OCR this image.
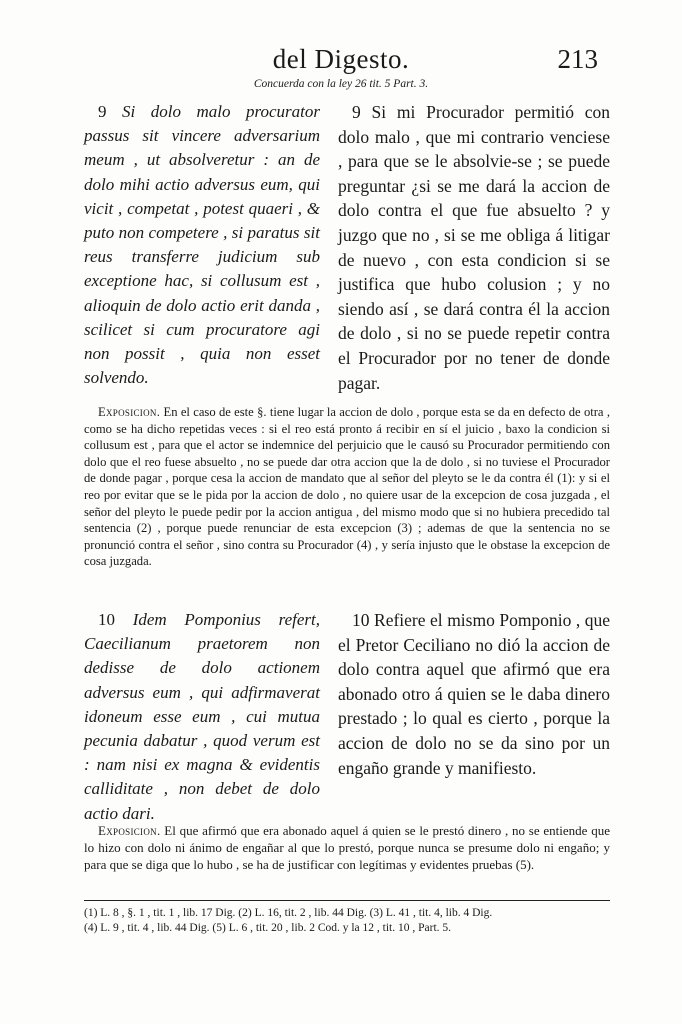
del Digesto.	213
Concuerda con la ley 26 tit. 5 Part. 3.
9 Si dolo malo procurator passus sit vincere adversarium meum , ut absolveretur : an de dolo mihi actio adversus eum, qui vicit , competat , potest quaeri , & puto non competere , si paratus sit reus transferre judicium sub exceptione hac, si collusum est , alioquin de dolo actio erit danda , scilicet si cum procuratore agi non possit , quia non esset solvendo.
9 Si mi Procurador permitió con dolo malo , que mi contrario venciese , para que se le absolvie-se ; se puede preguntar ¿si se me dará la accion de dolo contra el que fue absuelto ? y juzgo que no , si se me obliga á litigar de nuevo , con esta condicion si se justifica que hubo colusion ; y no siendo así , se dará contra él la accion de dolo , si no se puede repetir contra el Procurador por no tener de donde pagar.
Exposicion. En el caso de este §. tiene lugar la accion de dolo , porque esta se da en defecto de otra , como se ha dicho repetidas veces : si el reo está pronto á recibir en sí el juicio , baxo la condicion si collusum est , para que el actor se indemnice del perjuicio que le causó su Procurador permitiendo con dolo que el reo fuese absuelto , no se puede dar otra accion que la de dolo , si no tuviese el Procurador de donde pagar , porque cesa la accion de mandato que al señor del pleyto se le da contra él (1): y si el reo por evitar que se le pida por la accion de dolo , no quiere usar de la excepcion de cosa juzgada , el señor del pleyto le puede pedir por la accion antigua , del mismo modo que si no hubiera precedido tal sentencia (2) , porque puede renunciar de esta excepcion (3) ; ademas de que la sentencia no se pronunció contra el señor , sino contra su Procurador (4) , y sería injusto que le obstase la excepcion de cosa juzgada.
10 Idem Pomponius refert, Caecilianum praetorem non dedisse de dolo actionem adversus eum , qui adfirmaverat idoneum esse eum , cui mutua pecunia dabatur , quod verum est : nam nisi ex magna & evidentis calliditate , non debet de dolo actio dari.
10 Refiere el mismo Pomponio , que el Pretor Ceciliano no dió la accion de dolo contra aquel que afirmó que era abonado otro á quien se le daba dinero prestado ; lo qual es cierto , porque la accion de dolo no se da sino por un engaño grande y manifiesto.
Exposicion. El que afirmó que era abonado aquel á quien se le prestó dinero , no se entiende que lo hizo con dolo ni ánimo de engañar al que lo prestó, porque nunca se presume dolo ni engaño; y para que se diga que lo hubo , se ha de justificar con legítimas y evidentes pruebas (5).
(1) L. 8 , §. 1 , tit. 1 , lib. 17 Dig. (2) L. 16, tit. 2 , lib. 44 Dig. (3) L. 41 , tit. 4, lib. 4 Dig.
(4) L. 9 , tit. 4 , lib. 44 Dig. (5) L. 6 , tit. 20 , lib. 2 Cod. y la 12 , tit. 10 , Part. 5.
